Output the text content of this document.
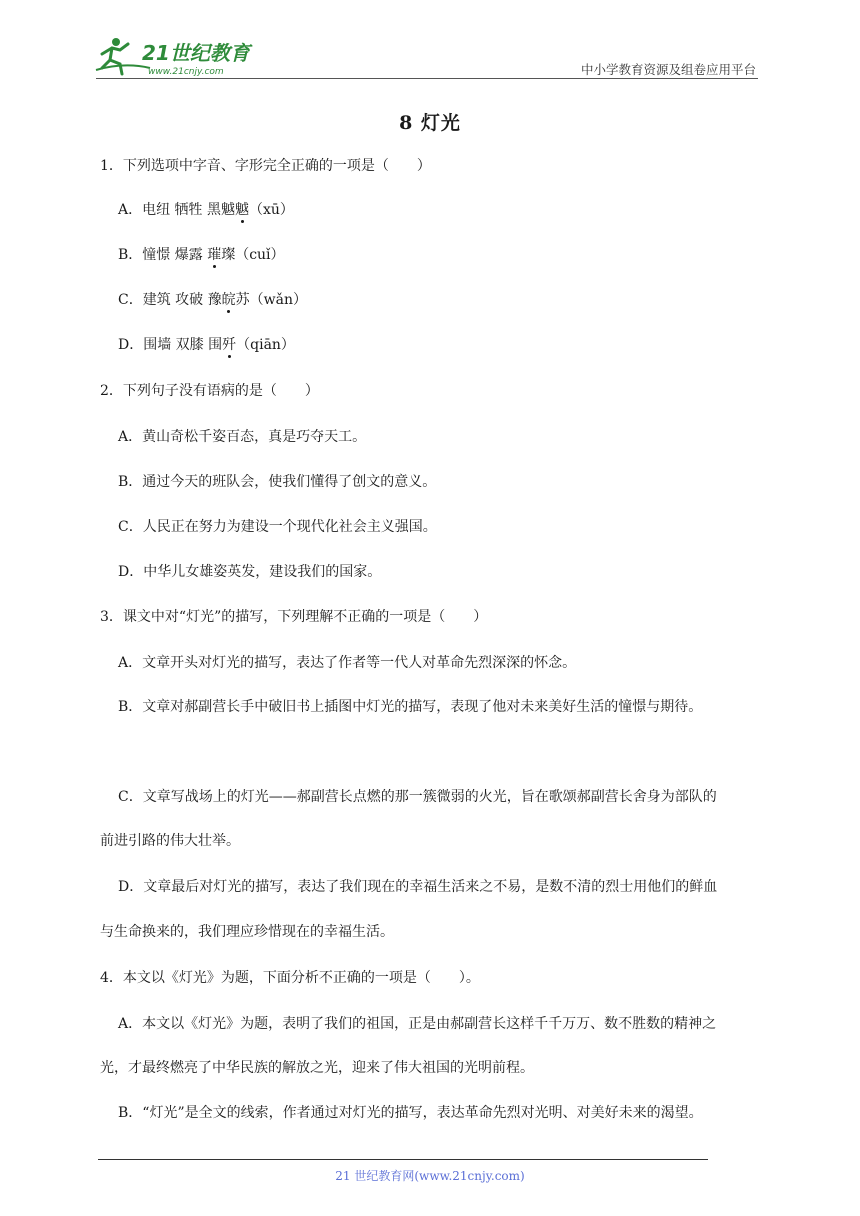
21世纪教育
www.21cnjy.com	中小学教育资源及组卷应用平台
8 灯光
1．下列选项中字音、字形完全正确的一项是（　　）
A．电纽 牺牲 黑魆魆（xū）
B．憧憬 爆露 璀璨（cuǐ）
C．建筑 攻破 豫皖苏（wǎn）
D．围墙 双膝 围歼（qiān）
2．下列句子没有语病的是（　　）
A．黄山奇松千姿百态，真是巧夺天工。
B．通过今天的班队会，使我们懂得了创文的意义。
C．人民正在努力为建设一个现代化社会主义强国。
D．中华儿女雄姿英发，建设我们的国家。
3．课文中对“灯光”的描写，下列理解不正确的一项是（　　）
A．文章开头对灯光的描写，表达了作者等一代人对革命先烈深深的怀念。
B．文章对郝副营长手中破旧书上插图中灯光的描写，表现了他对未来美好生活的憧憬与期待。
C．文章写战场上的灯光——郝副营长点燃的那一簇微弱的火光，旨在歌颂郝副营长舍身为部队的
前进引路的伟大壮举。
D．文章最后对灯光的描写，表达了我们现在的幸福生活来之不易，是数不清的烈士用他们的鲜血
与生命换来的，我们理应珍惜现在的幸福生活。
4．本文以《灯光》为题，下面分析不正确的一项是（　　）。
A．本文以《灯光》为题，表明了我们的祖国，正是由郝副营长这样千千万万、数不胜数的精神之
光，才最终燃亮了中华民族的解放之光，迎来了伟大祖国的光明前程。
B．“灯光”是全文的线索，作者通过对灯光的描写，表达革命先烈对光明、对美好未来的渴望。
21 世纪教育网(www.21cnjy.com)
